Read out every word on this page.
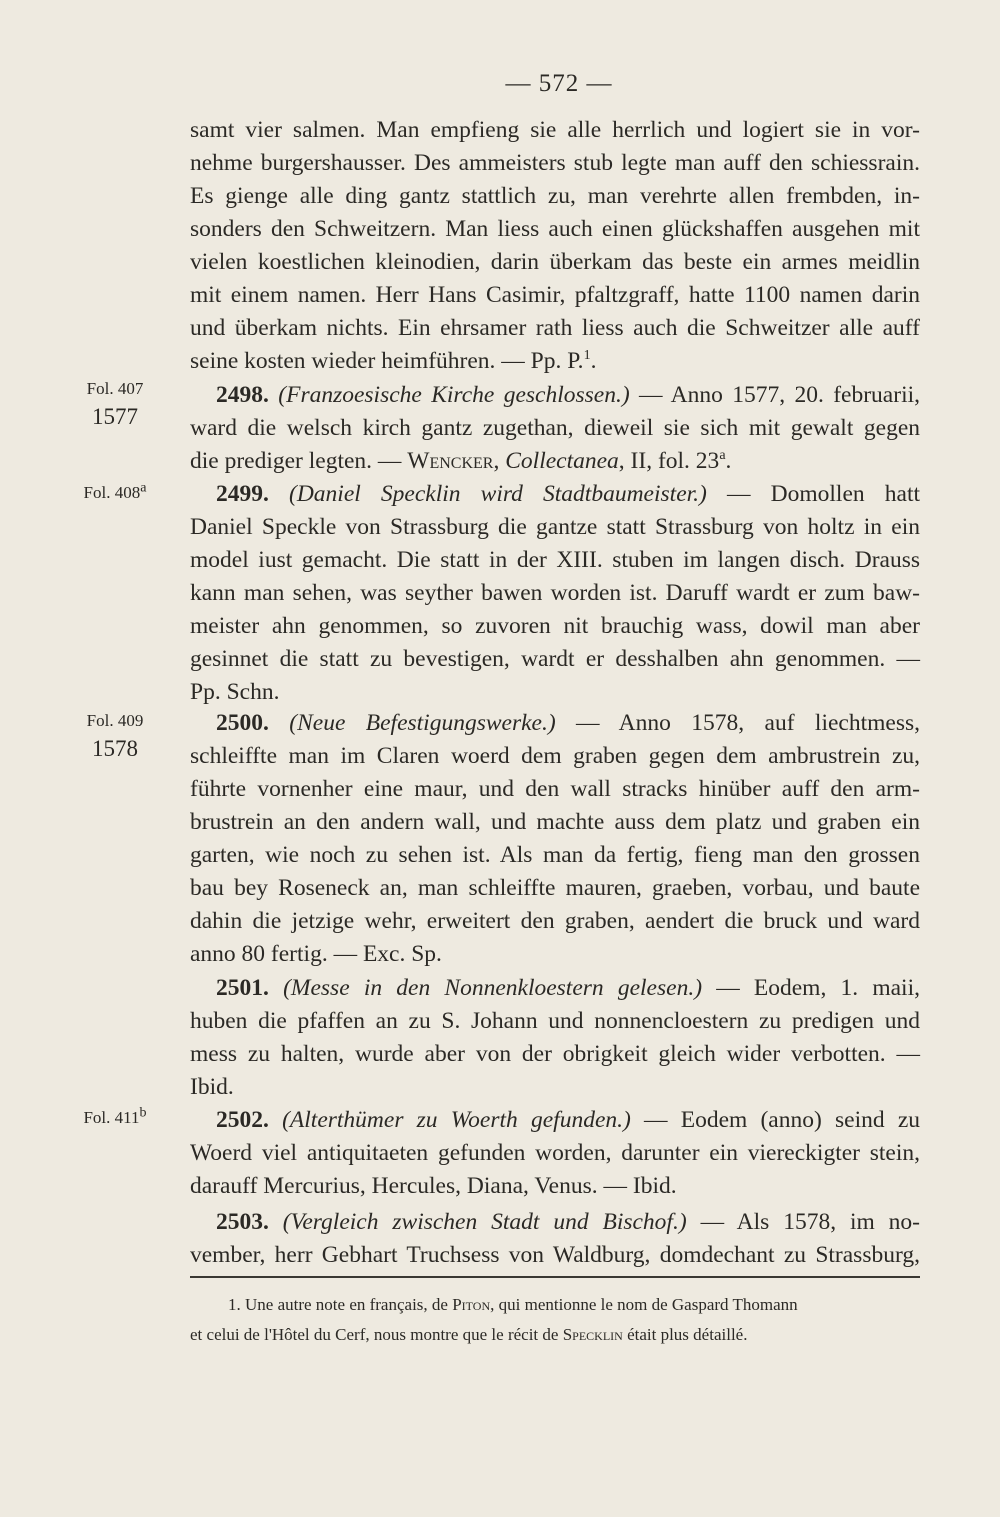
— 572 —
samt vier salmen. Man empfieng sie alle herrlich und logiert sie in vor-
nehme burgershausser. Des ammeisters stub legte man auff den schiessrain.
Es gienge alle ding gantz stattlich zu, man verehrte allen frembden, in-
sonders den Schweitzern. Man liess auch einen glückshaffen ausgehen mit
vielen koestlichen kleinodien, darin überkam das beste ein armes meidlin
mit einem namen. Herr Hans Casimir, pfaltzgraff, hatte 1100 namen darin
und überkam nichts. Ein ehrsamer rath liess auch die Schweitzer alle auff
seine kosten wieder heimführen. — Pp. P.$^1$.
Fol. 407
1577
2498. (Franzoesische Kirche geschlossen.) — Anno 1577, 20. februarii,
ward die welsch kirch gantz zugethan, dieweil sie sich mit gewalt gegen
die prediger legten. — Wencker, Collectanea, II, fol. 23$^a$.
Fol. 408$^a$	2499. (Daniel Specklin wird Stadtbaumeister.) — Domollen hatt
Daniel Speckle von Strassburg die gantze statt Strassburg von holtz in ein
model iust gemacht. Die statt in der XIII. stuben im langen disch. Drauss
kann man sehen, was seyther bawen worden ist. Daruff wardt er zum baw-
meister ahn genommen, so zuvoren nit brauchig wass, dowil man aber
gesinnet die statt zu bevestigen, wardt er desshalben ahn genommen. —
Pp. Schn.
Fol. 409
1578
2500. (Neue Befestigungswerke.) — Anno 1578, auf liechtmess,
schleiffte man im Claren woerd dem graben gegen dem ambrustrein zu,
führte vornenher eine maur, und den wall stracks hinüber auff den arm-
brustrein an den andern wall, und machte auss dem platz und graben ein
garten, wie noch zu sehen ist. Als man da fertig, fieng man den grossen
bau bey Roseneck an, man schleiffte mauren, graeben, vorbau, und baute
dahin die jetzige wehr, erweitert den graben, aendert die bruck und ward
anno 80 fertig. — Exc. Sp.
2501. (Messe in den Nonnenkloestern gelesen.) — Eodem, 1. maii,
huben die pfaffen an zu S. Johann und nonnencloestern zu predigen und
mess zu halten, wurde aber von der obrigkeit gleich wider verbotten. —
Ibid.
Fol. 411$^b$	2502. (Alterthümer zu Woerth gefunden.) — Eodem (anno) seind zu
Woerd viel antiquitaeten gefunden worden, darunter ein viereckigter stein,
darauff Mercurius, Hercules, Diana, Venus. — Ibid.
2503. (Vergleich zwischen Stadt und Bischof.) — Als 1578, im no-
vember, herr Gebhart Truchsess von Waldburg, domdechant zu Strassburg,
1. Une autre note en français, de Piton, qui mentionne le nom de Gaspard Thomann
et celui de l'Hôtel du Cerf, nous montre que le récit de Specklin était plus détaillé.
